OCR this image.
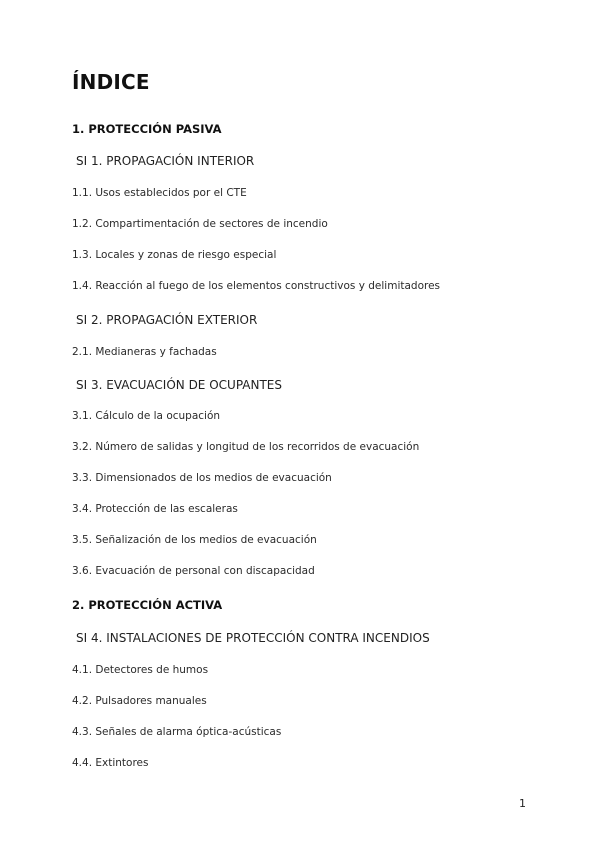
ÍNDICE
1. PROTECCIÓN PASIVA
SI 1. PROPAGACIÓN INTERIOR
1.1. Usos establecidos por el CTE
1.2. Compartimentación de sectores de incendio
1.3. Locales y zonas de riesgo especial
1.4. Reacción al fuego de los elementos constructivos y delimitadores
SI 2. PROPAGACIÓN EXTERIOR
2.1. Medianeras y fachadas
SI 3. EVACUACIÓN DE OCUPANTES
3.1. Cálculo de la ocupación
3.2. Número de salidas y longitud de los recorridos de evacuación
3.3. Dimensionados de los medios de evacuación
3.4. Protección de las escaleras
3.5. Señalización de los medios de evacuación
3.6. Evacuación de personal con discapacidad
2. PROTECCIÓN ACTIVA
SI 4. INSTALACIONES DE PROTECCIÓN CONTRA INCENDIOS
4.1. Detectores de humos
4.2. Pulsadores manuales
4.3. Señales de alarma óptica-acústicas
4.4. Extintores
1
